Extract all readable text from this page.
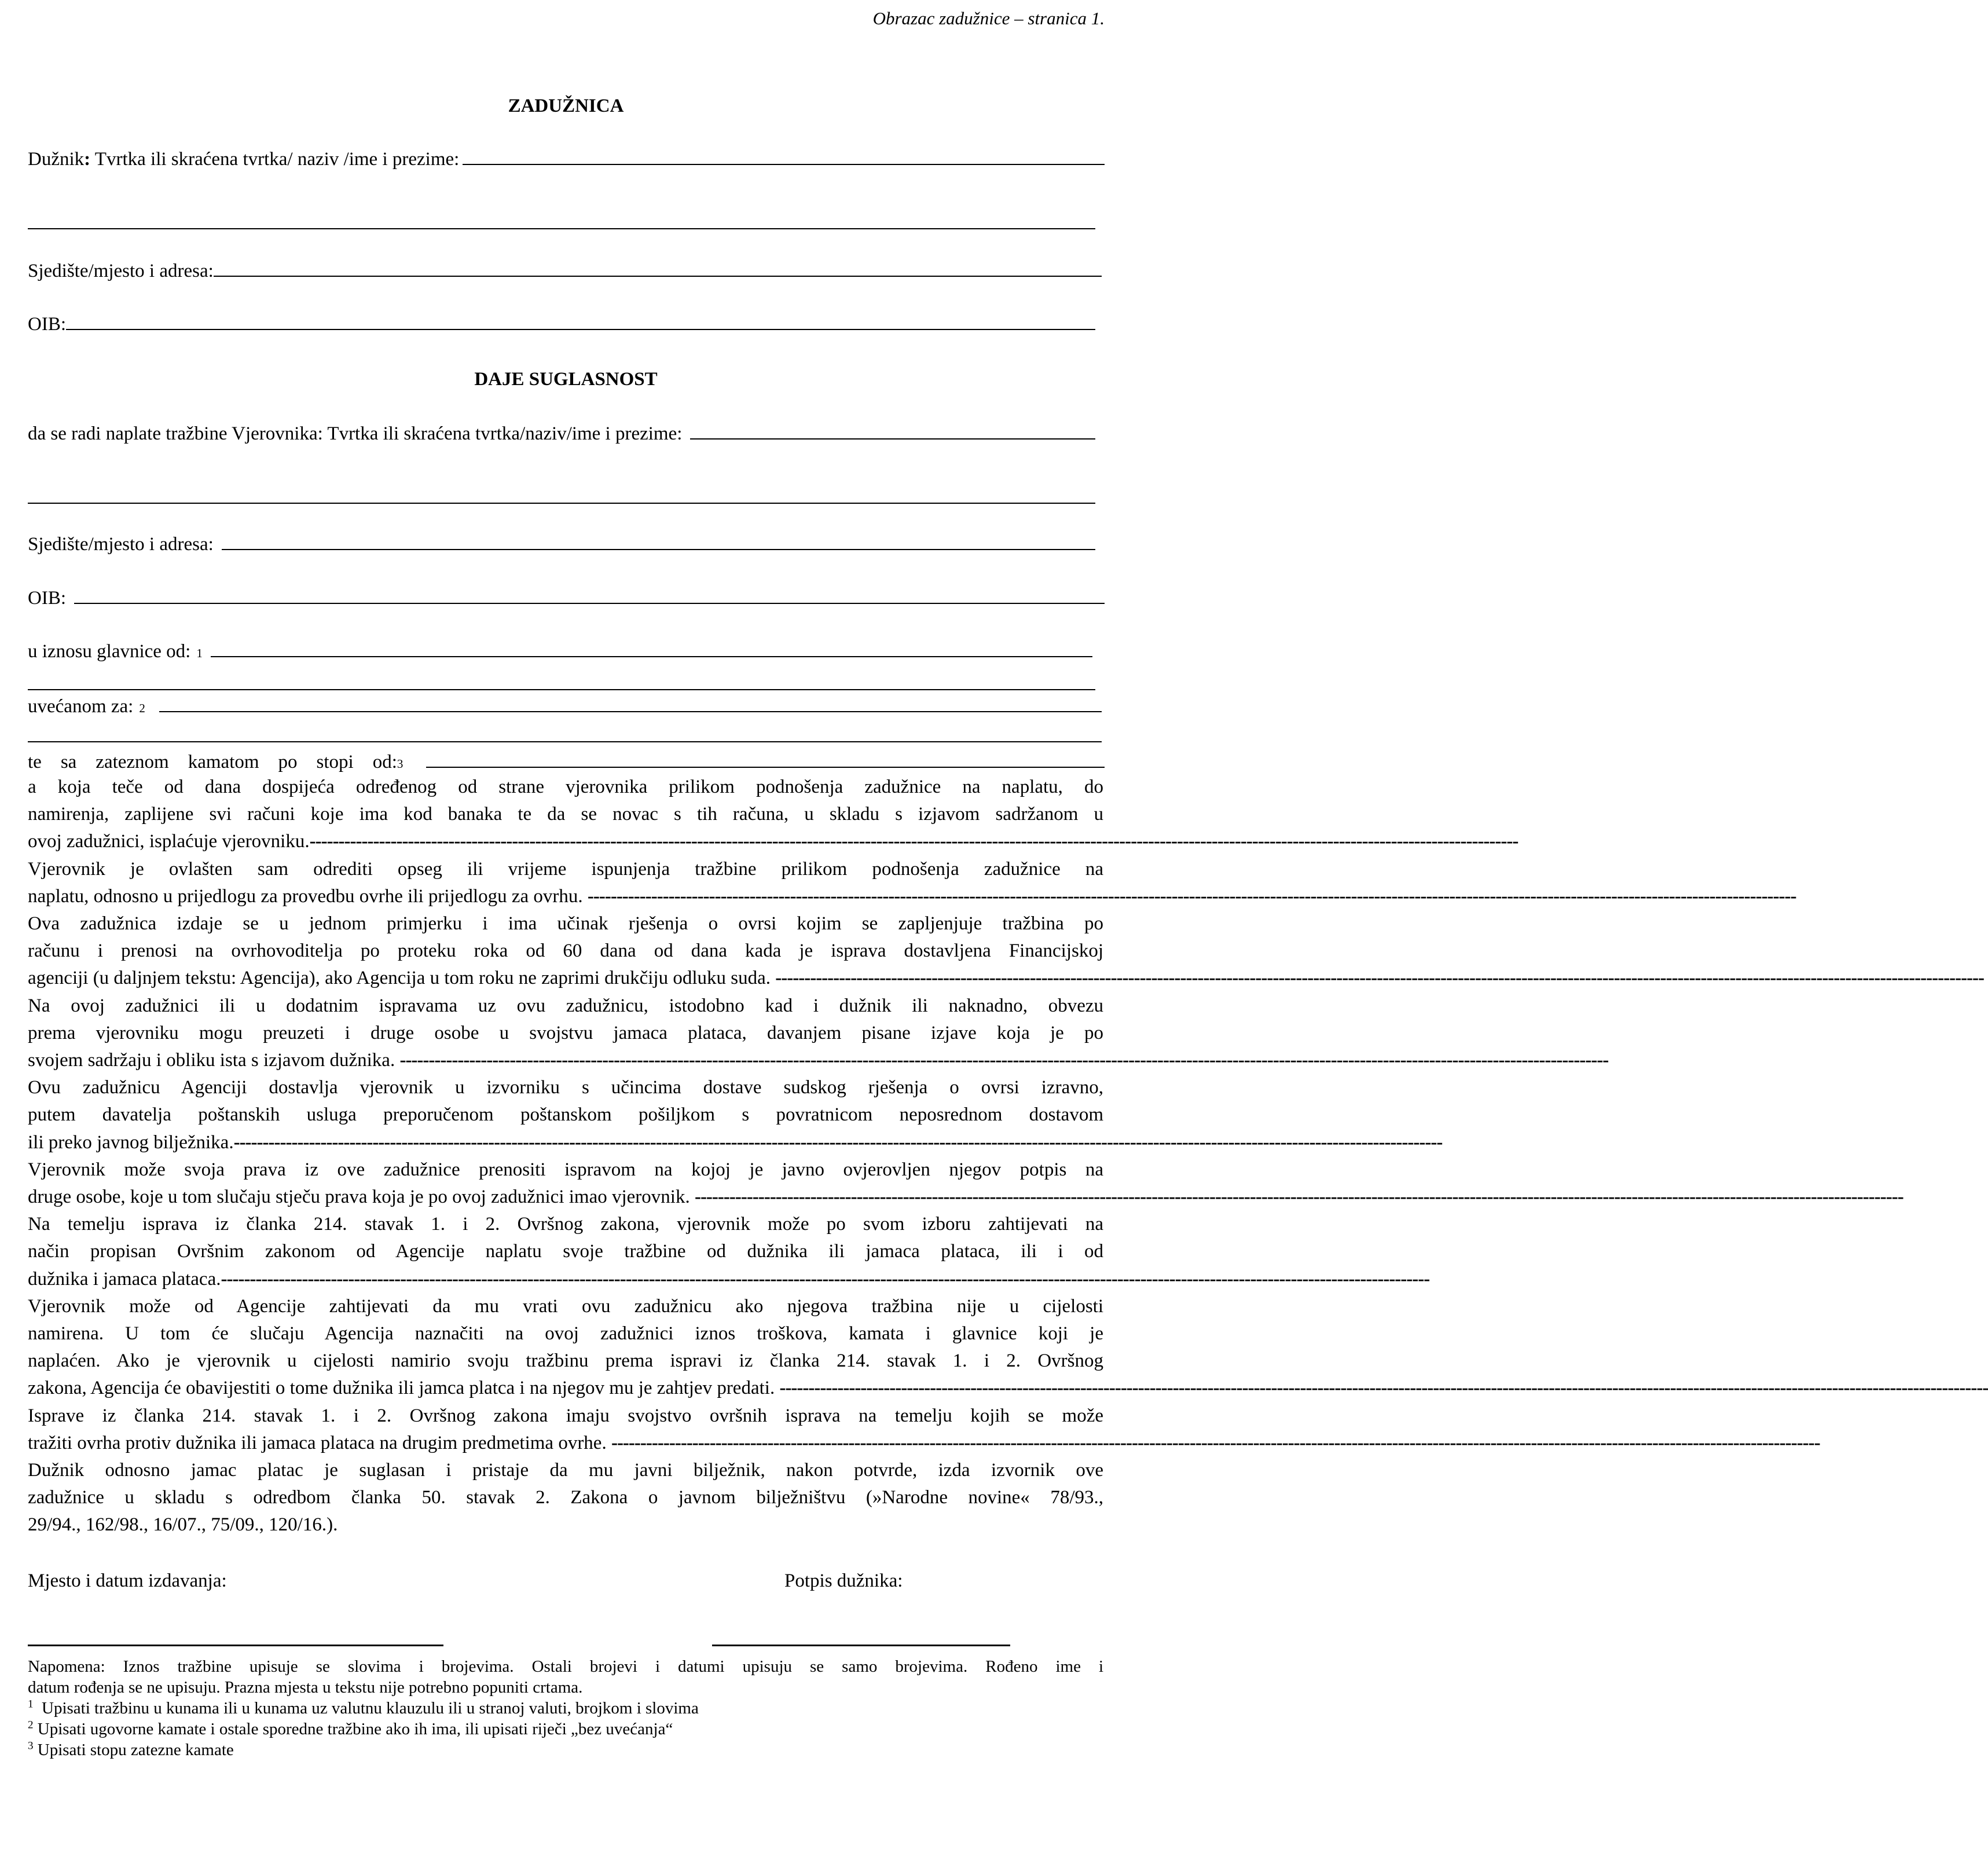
Obrazac zadužnice – stranica 1.
ZADUŽNICA
Dužnik: Tvrtka ili skraćena tvrtka/ naziv /ime i prezime:
Sjedište/mjesto i adresa:
OIB:
DAJE SUGLASNOST
da se radi naplate tražbine Vjerovnika: Tvrtka ili skraćena tvrtka/naziv/ime i prezime:
Sjedište/mjesto i adresa:
OIB:
u iznosu glavnice od: 1
uvećanom za: 2
te    sa    zateznom    kamatom    po    stopi    od: 3
a koja teče od dana dospijeća određenog od strane vjerovnika prilikom podnošenja zadužnice na naplatu, do
namirenja, zaplijene svi računi koje ima kod banaka te da se novac s tih računa, u skladu s izjavom sadržanom u
ovoj zadužnici, isplaćuje vjerovniku. -----------------------------------------------------------------------------------------------------------------------------------------------------------------------------------------------------------------
Vjerovnik je ovlašten sam odrediti opseg ili vrijeme ispunjenja tražbine prilikom podnošenja zadužnice na
naplatu, odnosno u prijedlogu za provedbu ovrhe ili prijedlogu za ovrhu. -----------------------------------------------------------------------------------------------------------------------------------------------------------------------------------------------------------------
Ova zadužnica izdaje se u jednom primjerku i ima učinak rješenja o ovrsi kojim se zapljenjuje tražbina po
računu i prenosi na ovrhovoditelja po proteku roka od 60 dana od dana kada je isprava dostavljena Financijskoj
agenciji (u daljnjem tekstu: Agencija), ako Agencija u tom roku ne zaprimi drukčiju odluku suda. -----------------------------------------------------------------------------------------------------------------------------------------------------------------------------------------------------------------
Na ovoj zadužnici ili u dodatnim ispravama uz ovu zadužnicu, istodobno kad i dužnik ili naknadno, obvezu
prema vjerovniku mogu preuzeti i druge osobe u svojstvu jamaca plataca, davanjem pisane izjave koja je po
svojem sadržaju i obliku ista s izjavom dužnika. -----------------------------------------------------------------------------------------------------------------------------------------------------------------------------------------------------------------
Ovu zadužnicu Agenciji dostavlja vjerovnik u izvorniku s učincima dostave sudskog rješenja o ovrsi izravno,
putem davatelja poštanskih usluga preporučenom poštanskom pošiljkom s povratnicom neposrednom dostavom
ili preko javnog bilježnika. -----------------------------------------------------------------------------------------------------------------------------------------------------------------------------------------------------------------
Vjerovnik može svoja prava iz ove zadužnice prenositi ispravom na kojoj je javno ovjerovljen njegov potpis na
druge osobe, koje u tom slučaju stječu prava koja je po ovoj zadužnici imao vjerovnik. -----------------------------------------------------------------------------------------------------------------------------------------------------------------------------------------------------------------
Na temelju isprava iz članka 214. stavak 1. i 2. Ovršnog zakona, vjerovnik može po svom izboru zahtijevati na
način propisan Ovršnim zakonom od Agencije naplatu svoje tražbine od dužnika ili jamaca plataca, ili i od
dužnika i jamaca plataca. -----------------------------------------------------------------------------------------------------------------------------------------------------------------------------------------------------------------
Vjerovnik može od Agencije zahtijevati da mu vrati ovu zadužnicu ako njegova tražbina nije u cijelosti
namirena. U tom će slučaju Agencija naznačiti na ovoj zadužnici iznos troškova, kamata i glavnice koji je
naplaćen. Ako je vjerovnik u cijelosti namirio svoju tražbinu prema ispravi iz članka 214. stavak 1. i 2. Ovršnog
zakona, Agencija će obavijestiti o tome dužnika ili jamca platca i na njegov mu je zahtjev predati. -----------------------------------------------------------------------------------------------------------------------------------------------------------------------------------------------------------------
Isprave iz članka 214. stavak 1. i 2. Ovršnog zakona imaju svojstvo ovršnih isprava na temelju kojih se može
tražiti ovrha protiv dužnika ili jamaca plataca na drugim predmetima ovrhe. -----------------------------------------------------------------------------------------------------------------------------------------------------------------------------------------------------------------
Dužnik odnosno jamac platac je suglasan i pristaje da mu javni bilježnik, nakon potvrde, izda izvornik ove
zadužnice u skladu s odredbom članka 50. stavak 2. Zakona o javnom bilježništvu (»Narodne novine« 78/93.,
29/94., 162/98., 16/07., 75/09., 120/16.).
Mjesto i datum izdavanja:	Potpis dužnika:
Napomena: Iznos tražbine upisuje se slovima i brojevima. Ostali brojevi i datumi upisuju se samo brojevima. Rođeno ime i
datum rođenja se ne upisuju. Prazna mjesta u tekstu nije potrebno popuniti crtama.
$^1$  Upisati tražbinu u kunama ili u kunama uz valutnu klauzulu ili u stranoj valuti, brojkom i slovima
$^2$ Upisati ugovorne kamate i ostale sporedne tražbine ako ih ima, ili upisati riječi „bez uvećanja“
$^3$ Upisati stopu zatezne kamate
